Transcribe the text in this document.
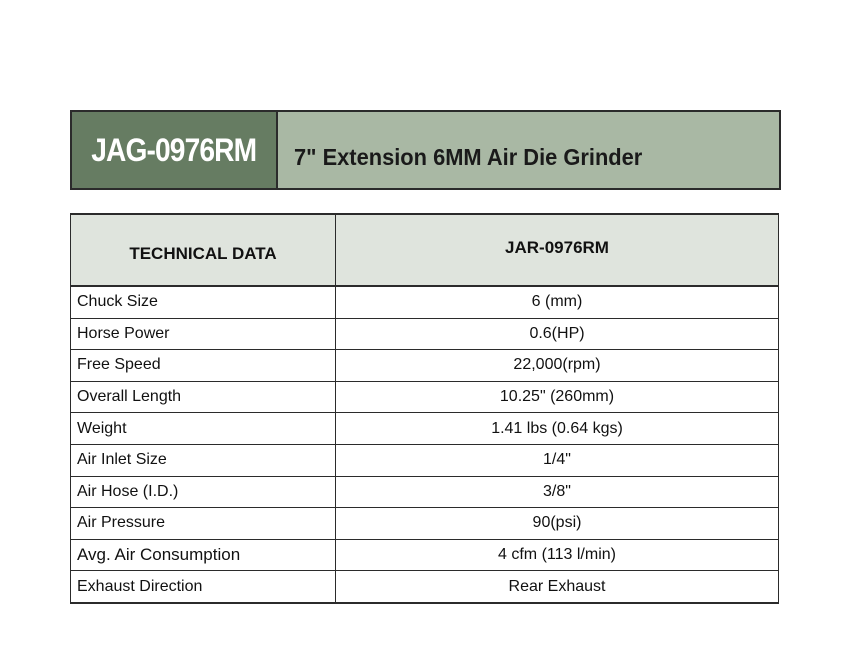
JAG-0976RM 7" Extension 6MM Air Die Grinder
TECHNICAL DATA	JAR-0976RM
Chuck Size	6 (mm)
Horse Power	0.6(HP)
Free Speed	22,000(rpm)
Overall Length	10.25" (260mm)
Weight	1.41 lbs (0.64 kgs)
Air Inlet Size	1/4"
Air Hose (I.D.)	3/8"
Air Pressure	90(psi)
Avg. Air Consumption	4 cfm (113 l/min)
Exhaust Direction	Rear Exhaust
